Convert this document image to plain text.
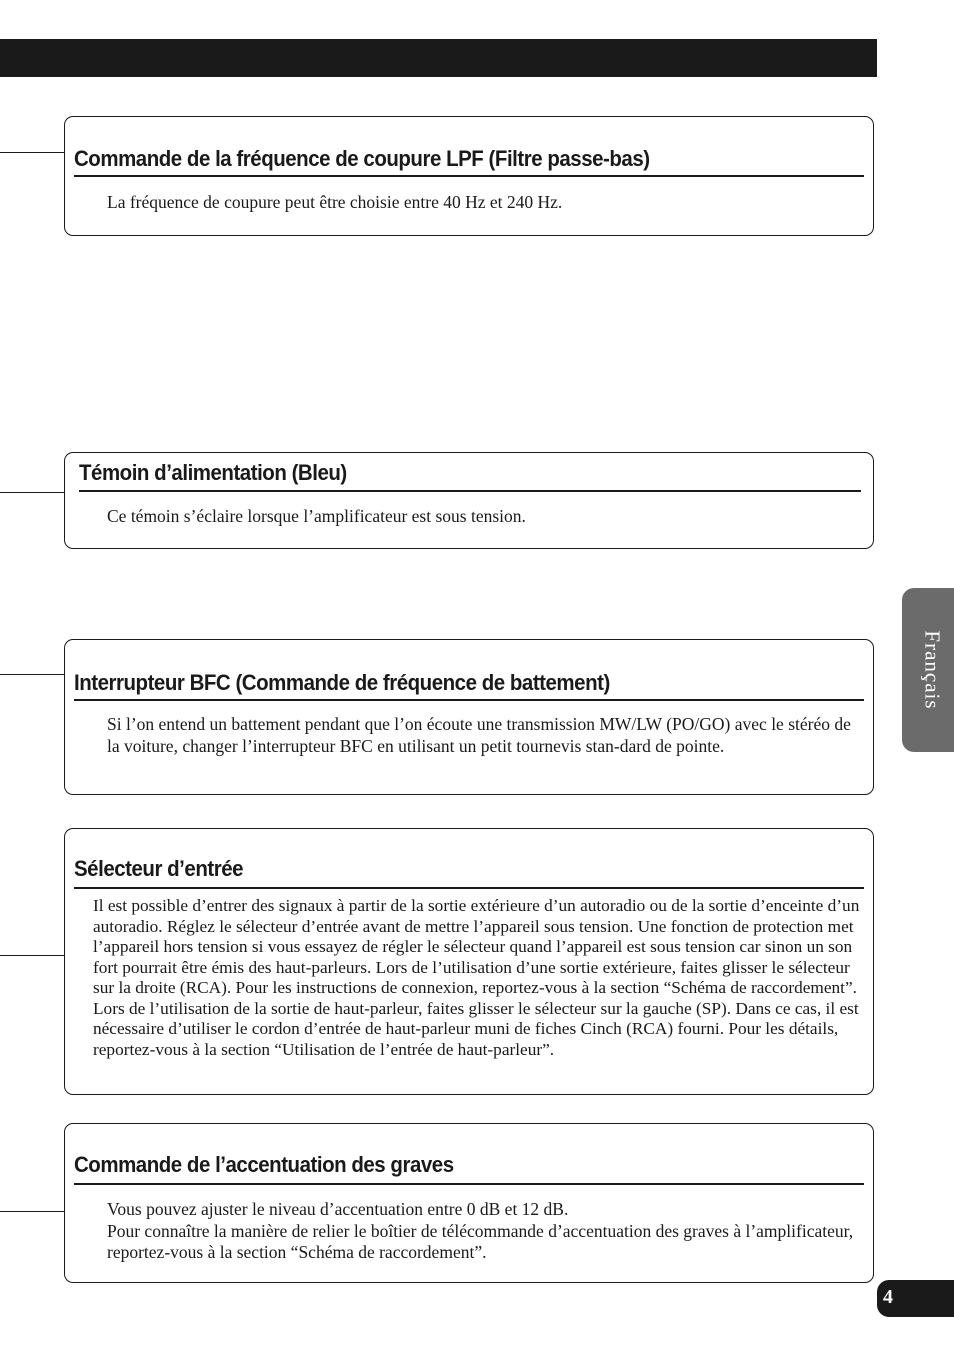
Commande de la fréquence de coupure LPF (Filtre passe-bas)

La fréquence de coupure peut être choisie entre 40 Hz et 240 Hz.

Témoin d’alimentation (Bleu)

Ce témoin s’éclaire lorsque l’amplificateur est sous tension.

Interrupteur BFC (Commande de fréquence de battement)

Si l’on entend un battement pendant que l’on écoute une transmission MW/LW (PO/GO) avec le stéréo de la voiture, changer l’interrupteur BFC en utilisant un petit tournevis stan-dard de pointe.

Sélecteur d’entrée

Il est possible d’entrer des signaux à partir de la sortie extérieure d’un autoradio ou de la sortie d’enceinte d’un autoradio. Réglez le sélecteur d’entrée avant de mettre l’appareil sous tension. Une fonction de protection met l’appareil hors tension si vous essayez de régler le sélecteur quand l’appareil est sous tension car sinon un son fort pourrait être émis des haut-parleurs. Lors de l’utilisation d’une sortie extérieure, faites glisser le sélecteur sur la droite (RCA). Pour les instructions de connexion, reportez-vous à la section “Schéma de raccordement”. Lors de l’utilisation de la sortie de haut-parleur, faites glisser le sélecteur sur la gauche (SP). Dans ce cas, il est nécessaire d’utiliser le cordon d’entrée de haut-parleur muni de fiches Cinch (RCA) fourni. Pour les détails, reportez-vous à la section “Utilisation de l’entrée de haut-parleur”.

Commande de l’accentuation des graves

Vous pouvez ajuster le niveau d’accentuation entre 0 dB et 12 dB.

Pour connaître la manière de relier le boîtier de télécommande d’accentuation des graves à l’amplificateur, reportez-vous à la section “Schéma de raccordement”.

Français
4
